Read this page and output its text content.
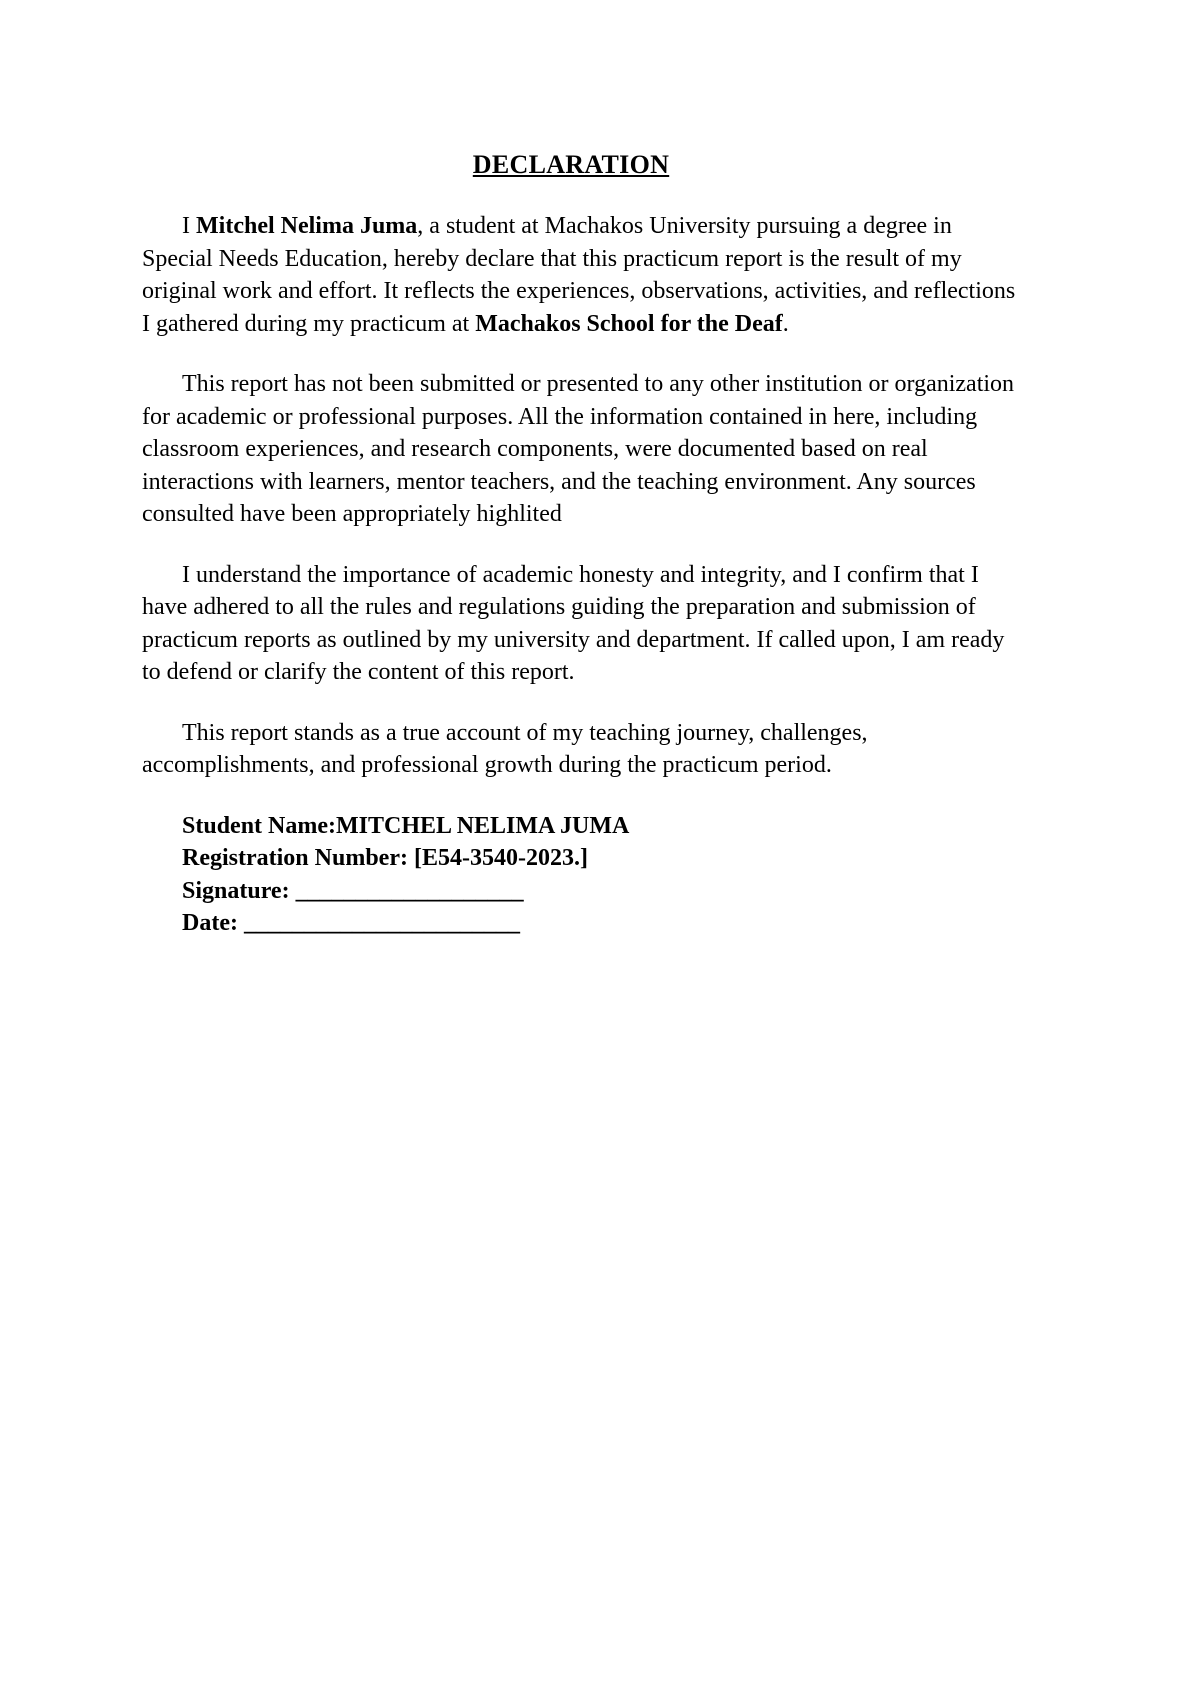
DECLARATION

I Mitchel Nelima Juma, a student at Machakos University pursuing a degree in Special Needs Education, hereby declare that this practicum report is the result of my original work and effort. It reflects the experiences, observations, activities, and reflections I gathered during my practicum at Machakos School for the Deaf.

This report has not been submitted or presented to any other institution or organization for academic or professional purposes. All the information contained in here, including classroom experiences, and research components, were documented based on real interactions with learners, mentor teachers, and the teaching environment. Any sources consulted have been appropriately highlited

I understand the importance of academic honesty and integrity, and I confirm that I have adhered to all the rules and regulations guiding the preparation and submission of practicum reports as outlined by my university and department. If called upon, I am ready to defend or clarify the content of this report.

This report stands as a true account of my teaching journey, challenges, accomplishments, and professional growth during the practicum period.

Student Name:MITCHEL NELIMA JUMA
Registration Number: [E54-3540-2023.]
Signature: ___________________
Date: _______________________
